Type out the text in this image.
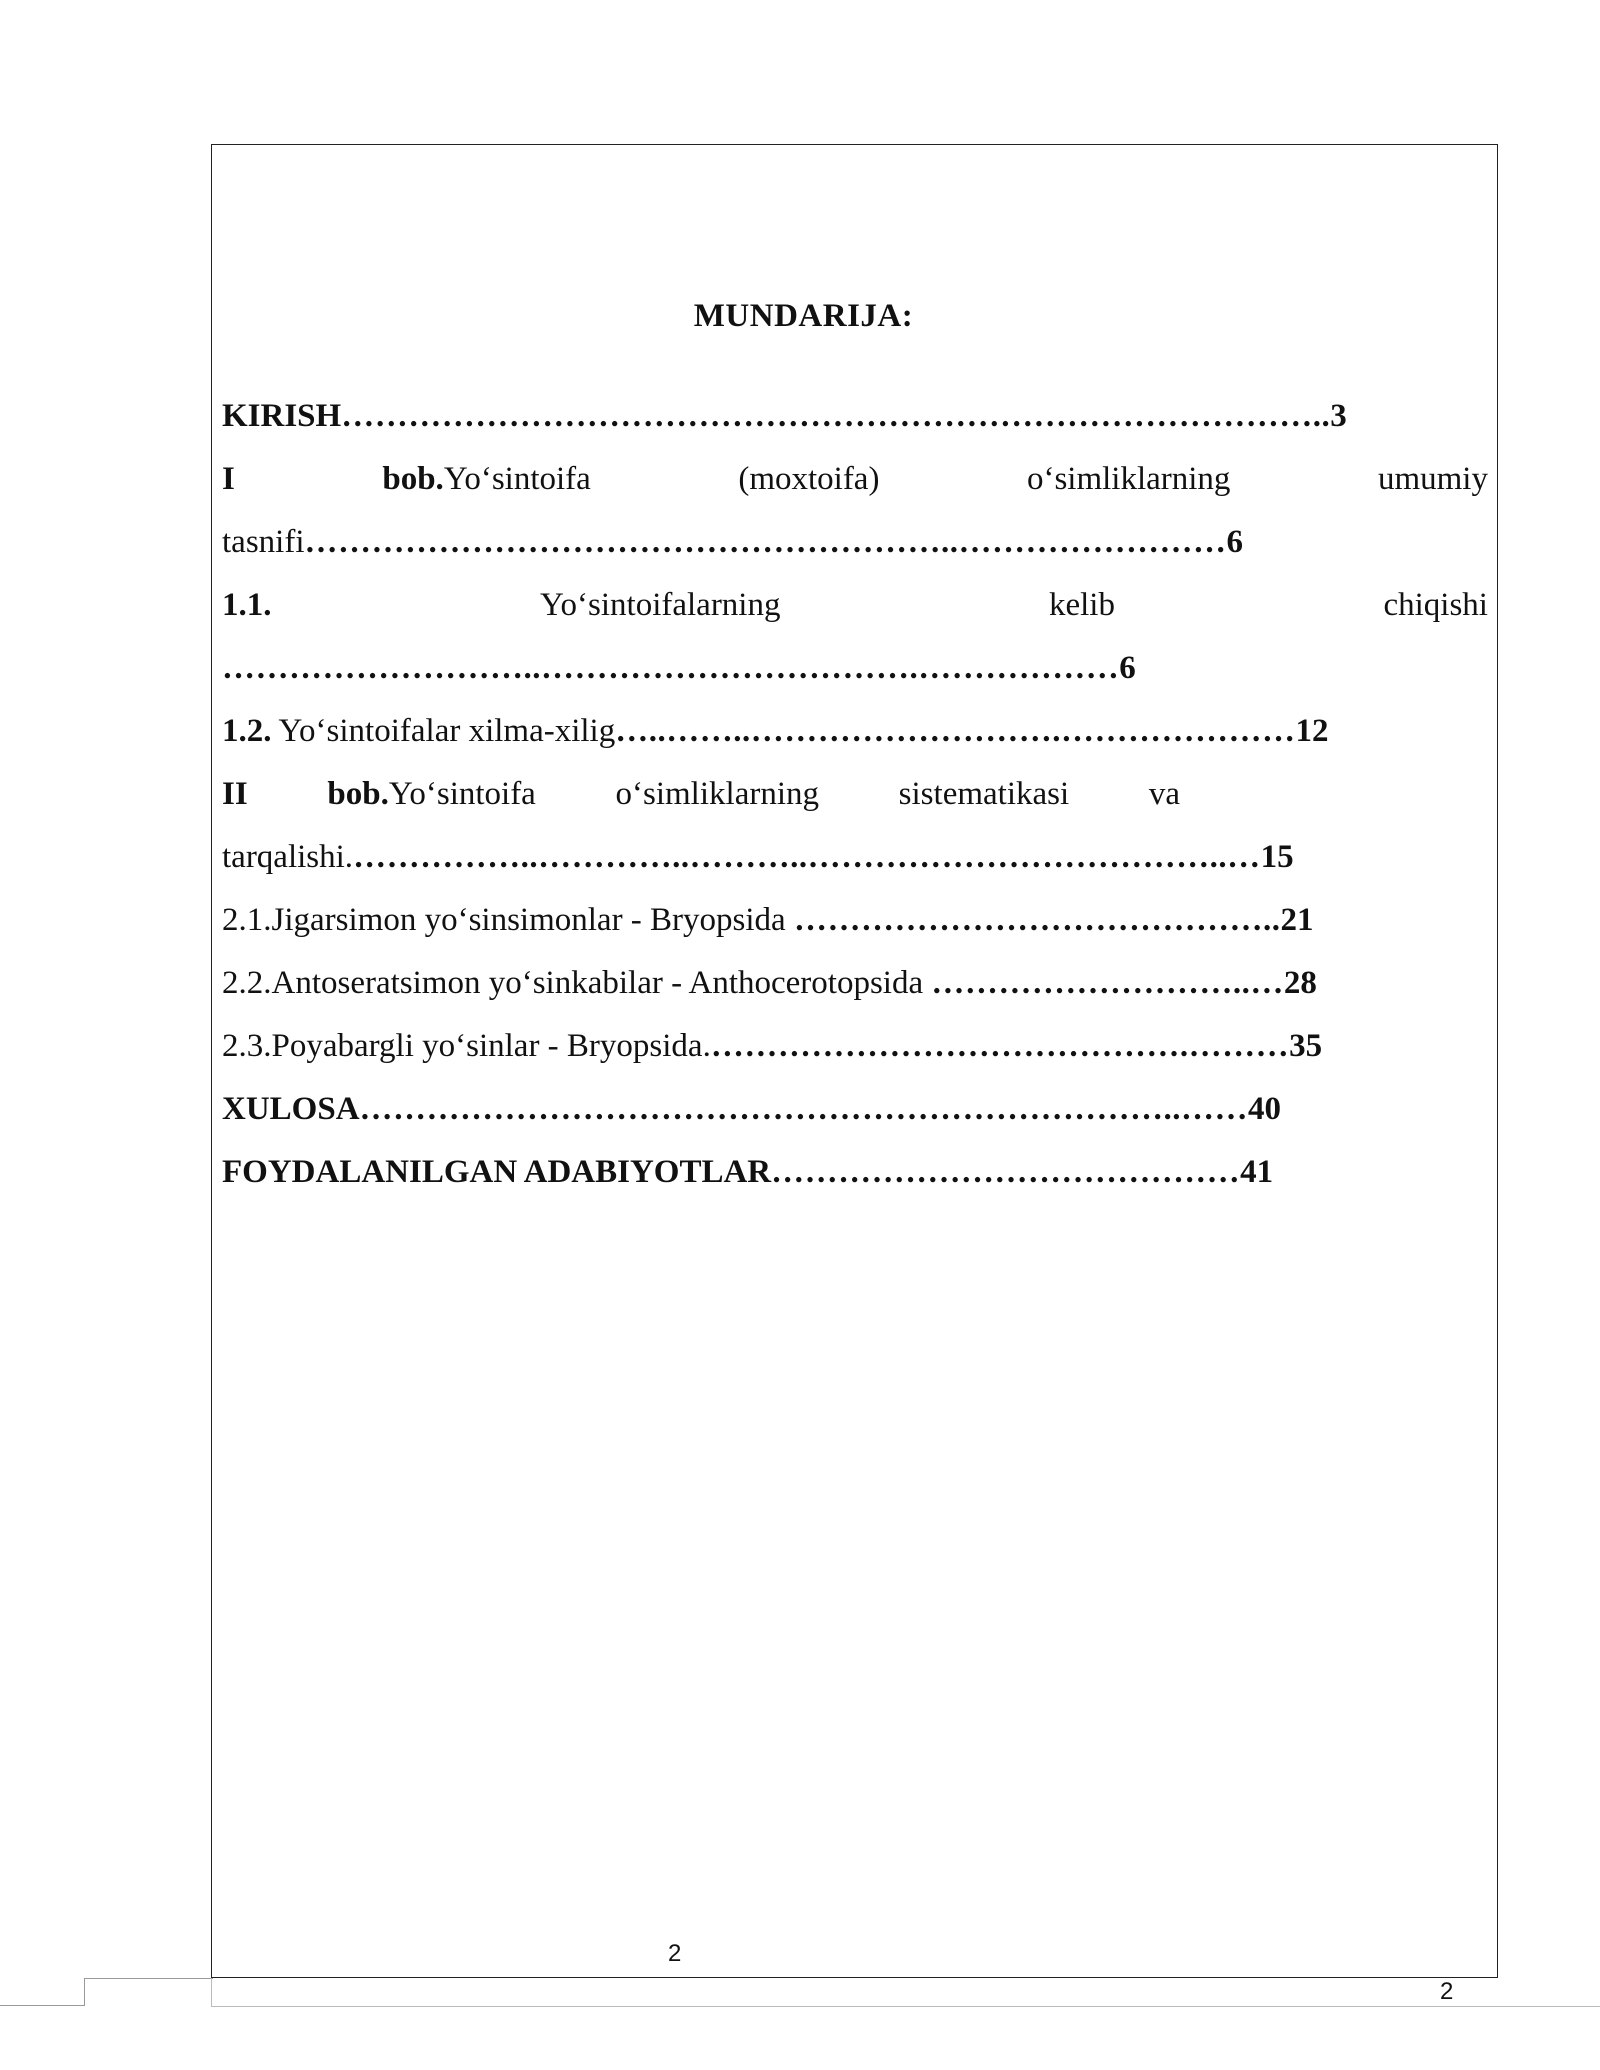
MUNDARIJA:
KIRISH……………………………………………………………………………..3
I	bob.Yo‘sintoifa	(moxtoifa)	o‘simliklarning	umumiy
tasnifi…………………………………………………..……………………6
1.1.	Yo‘sintoifalarning	kelib	chiqishi
………………………..…………………………….………………6
1.2. Yo‘sintoifalar xilma-xilig…..……..……………………….…………………12
II bob.Yo‘sintoifa o‘simliklarning sistematikasi va
tarqalishi.……………..…………..………..………………………………..…15
2.1.Jigarsimon yo‘sinsimonlar - Bryopsida ……………………………………..21
2.2.Antoseratsimon yo‘sinkabilar - Anthocerotopsida ………………………..…28
2.3.Poyabargli yo‘sinlar - Bryopsida.…………………………………….………35
XULOSA………………………………………………………………..……40
FOYDALANILGAN ADABIYOTLAR……………………………………41
2
2
